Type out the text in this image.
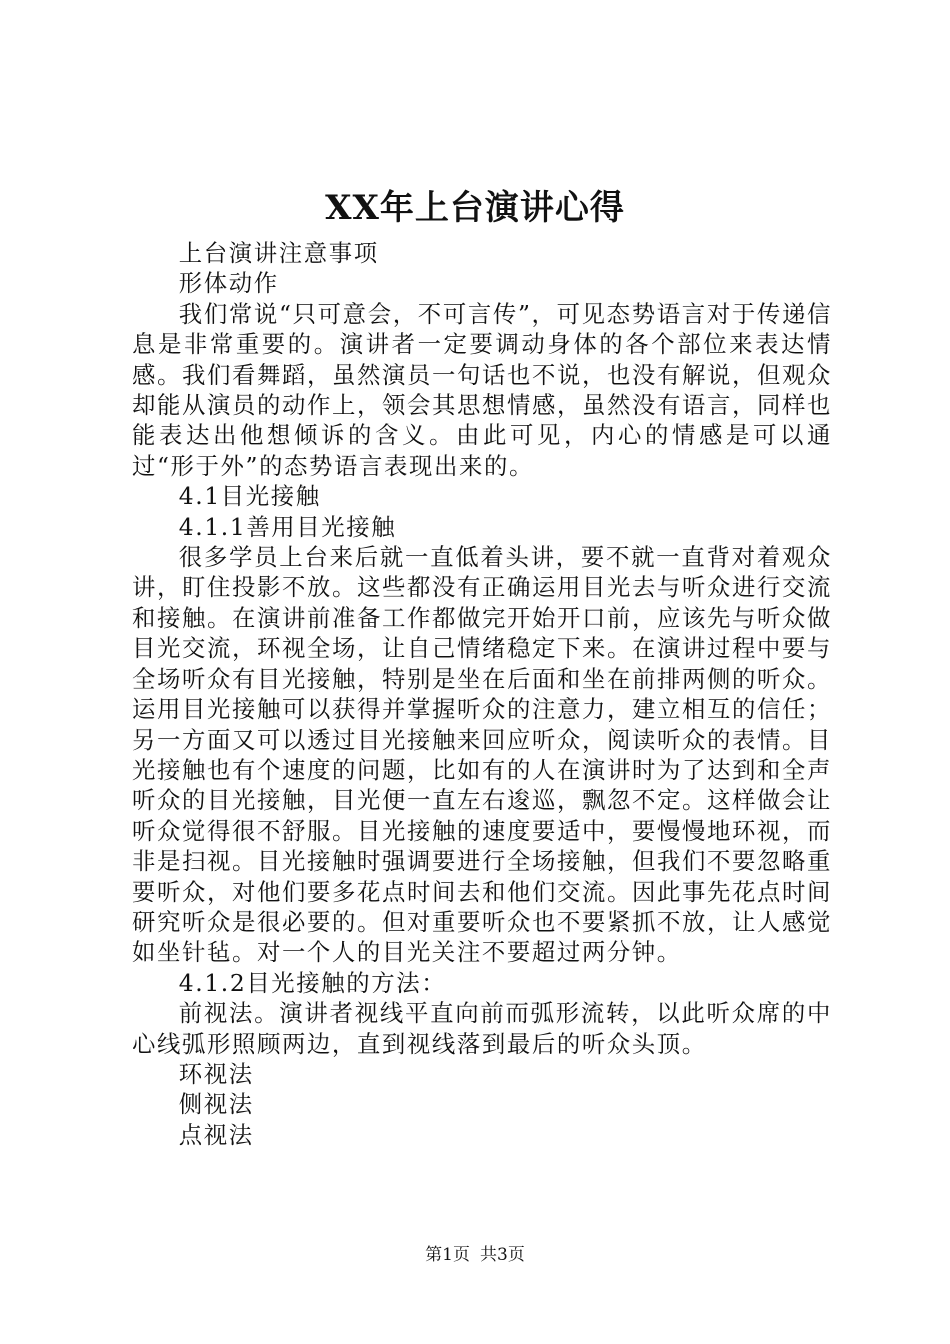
XX年上台演讲心得

上台演讲注意事项

形体动作

我们常说“只可意会，不可言传”，可见态势语言对于传递信息是非常重要的。演讲者一定要调动身体的各个部位来表达情感。我们看舞蹈，虽然演员一句话也不说，也没有解说，但观众却能从演员的动作上，领会其思想情感，虽然没有语言，同样也能表达出他想倾诉的含义。由此可见，内心的情感是可以通过“形于外”的态势语言表现出来的。

4.1目光接触

4.1.1善用目光接触

很多学员上台来后就一直低着头讲，要不就一直背对着观众讲，盯住投影不放。这些都没有正确运用目光去与听众进行交流和接触。在演讲前准备工作都做完开始开口前，应该先与听众做目光交流，环视全场，让自己情绪稳定下来。在演讲过程中要与全场听众有目光接触，特别是坐在后面和坐在前排两侧的听众。运用目光接触可以获得并掌握听众的注意力，建立相互的信任；另一方面又可以透过目光接触来回应听众，阅读听众的表情。目光接触也有个速度的问题，比如有的人在演讲时为了达到和全声听众的目光接触，目光便一直左右逡巡，飘忽不定。这样做会让听众觉得很不舒服。目光接触的速度要适中，要慢慢地环视，而非是扫视。目光接触时强调要进行全场接触，但我们不要忽略重要听众，对他们要多花点时间去和他们交流。因此事先花点时间研究听众是很必要的。但对重要听众也不要紧抓不放，让人感觉如坐针毡。对一个人的目光关注不要超过两分钟。

4.1.2目光接触的方法：

前视法。演讲者视线平直向前而弧形流转，以此听众席的中心线弧形照顾两边，直到视线落到最后的听众头顶。

环视法

侧视法

点视法

第1页 共3页
